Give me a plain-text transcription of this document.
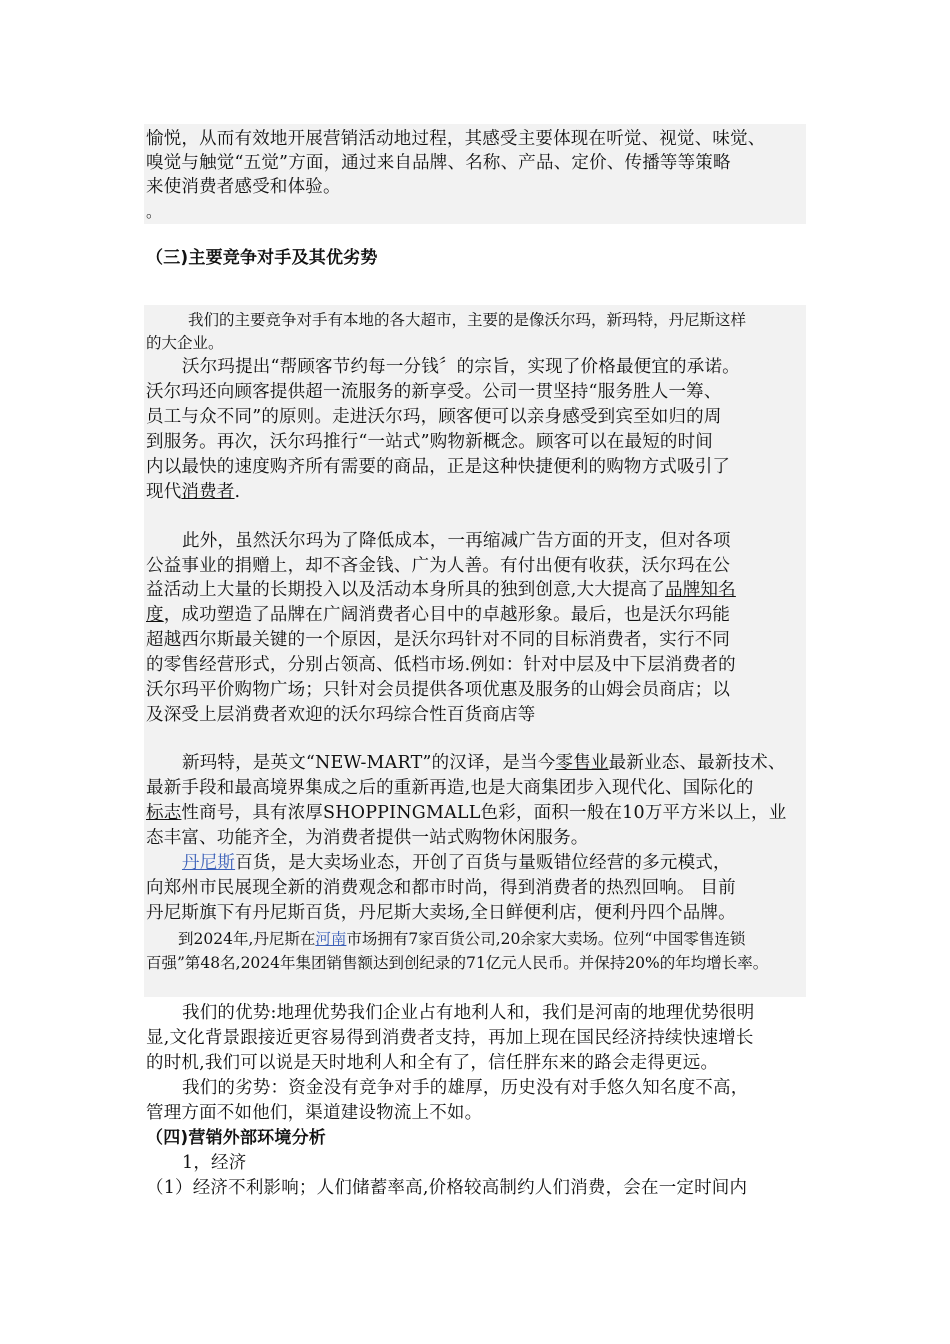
愉悦，从而有效地开展营销活动地过程，其感受主要体现在听觉、视觉、味觉、
嗅觉与触觉“五觉”方面，通过来自品牌、名称、产品、定价、传播等等策略
来使消费者感受和体验。
。
（三)主要竞争对手及其优劣势
我们的主要竞争对手有本地的各大超市，主要的是像沃尔玛，新玛特，丹尼斯这样
的大企业。
沃尔玛提出“帮顾客节约每一分钱〞的宗旨，实现了价格最便宜的承诺。
沃尔玛还向顾客提供超一流服务的新享受。公司一贯坚持“服务胜人一筹、
员工与众不同”的原则。走进沃尔玛，顾客便可以亲身感受到宾至如归的周
到服务。再次，沃尔玛推行“一站式”购物新概念。顾客可以在最短的时间
内以最快的速度购齐所有需要的商品，正是这种快捷便利的购物方式吸引了
现代消费者.
此外，虽然沃尔玛为了降低成本，一再缩减广告方面的开支，但对各项
公益事业的捐赠上，却不吝金钱、广为人善。有付出便有收获，沃尔玛在公
益活动上大量的长期投入以及活动本身所具的独到创意,大大提高了品牌知名
度，成功塑造了品牌在广阔消费者心目中的卓越形象。最后，也是沃尔玛能
超越西尔斯最关键的一个原因，是沃尔玛针对不同的目标消费者，实行不同
的零售经营形式，分别占领高、低档市场.例如：针对中层及中下层消费者的
沃尔玛平价购物广场；只针对会员提供各项优惠及服务的山姆会员商店；以
及深受上层消费者欢迎的沃尔玛综合性百货商店等
新玛特，是英文“NEW-MART”的汉译，是当今零售业最新业态、最新技术、
最新手段和最高境界集成之后的重新再造,也是大商集团步入现代化、国际化的
标志性商号，具有浓厚SHOPPINGMALL色彩，面积一般在10万平方米以上，业
态丰富、功能齐全，为消费者提供一站式购物休闲服务。
丹尼斯百货，是大卖场业态，开创了百货与量贩错位经营的多元模式，
向郑州市民展现全新的消费观念和都市时尚，得到消费者的热烈回响。 目前
丹尼斯旗下有丹尼斯百货，丹尼斯大卖场,全日鲜便利店，便利丹四个品牌。
到2024年,丹尼斯在河南市场拥有7家百货公司,20余家大卖场。位列“中国零售连锁
百强”第48名,2024年集团销售额达到创纪录的71亿元人民币。并保持20%的年均增长率。
我们的优势:地理优势我们企业占有地利人和，我们是河南的地理优势很明
显,文化背景跟接近更容易得到消费者支持，再加上现在国民经济持续快速增长
的时机,我们可以说是天时地利人和全有了，信任胖东来的路会走得更远。
我们的劣势：资金没有竞争对手的雄厚，历史没有对手悠久知名度不高，
管理方面不如他们，渠道建设物流上不如。
（四)营销外部环境分析
1，经济
（1）经济不利影响；人们储蓄率高,价格较高制约人们消费，会在一定时间内
